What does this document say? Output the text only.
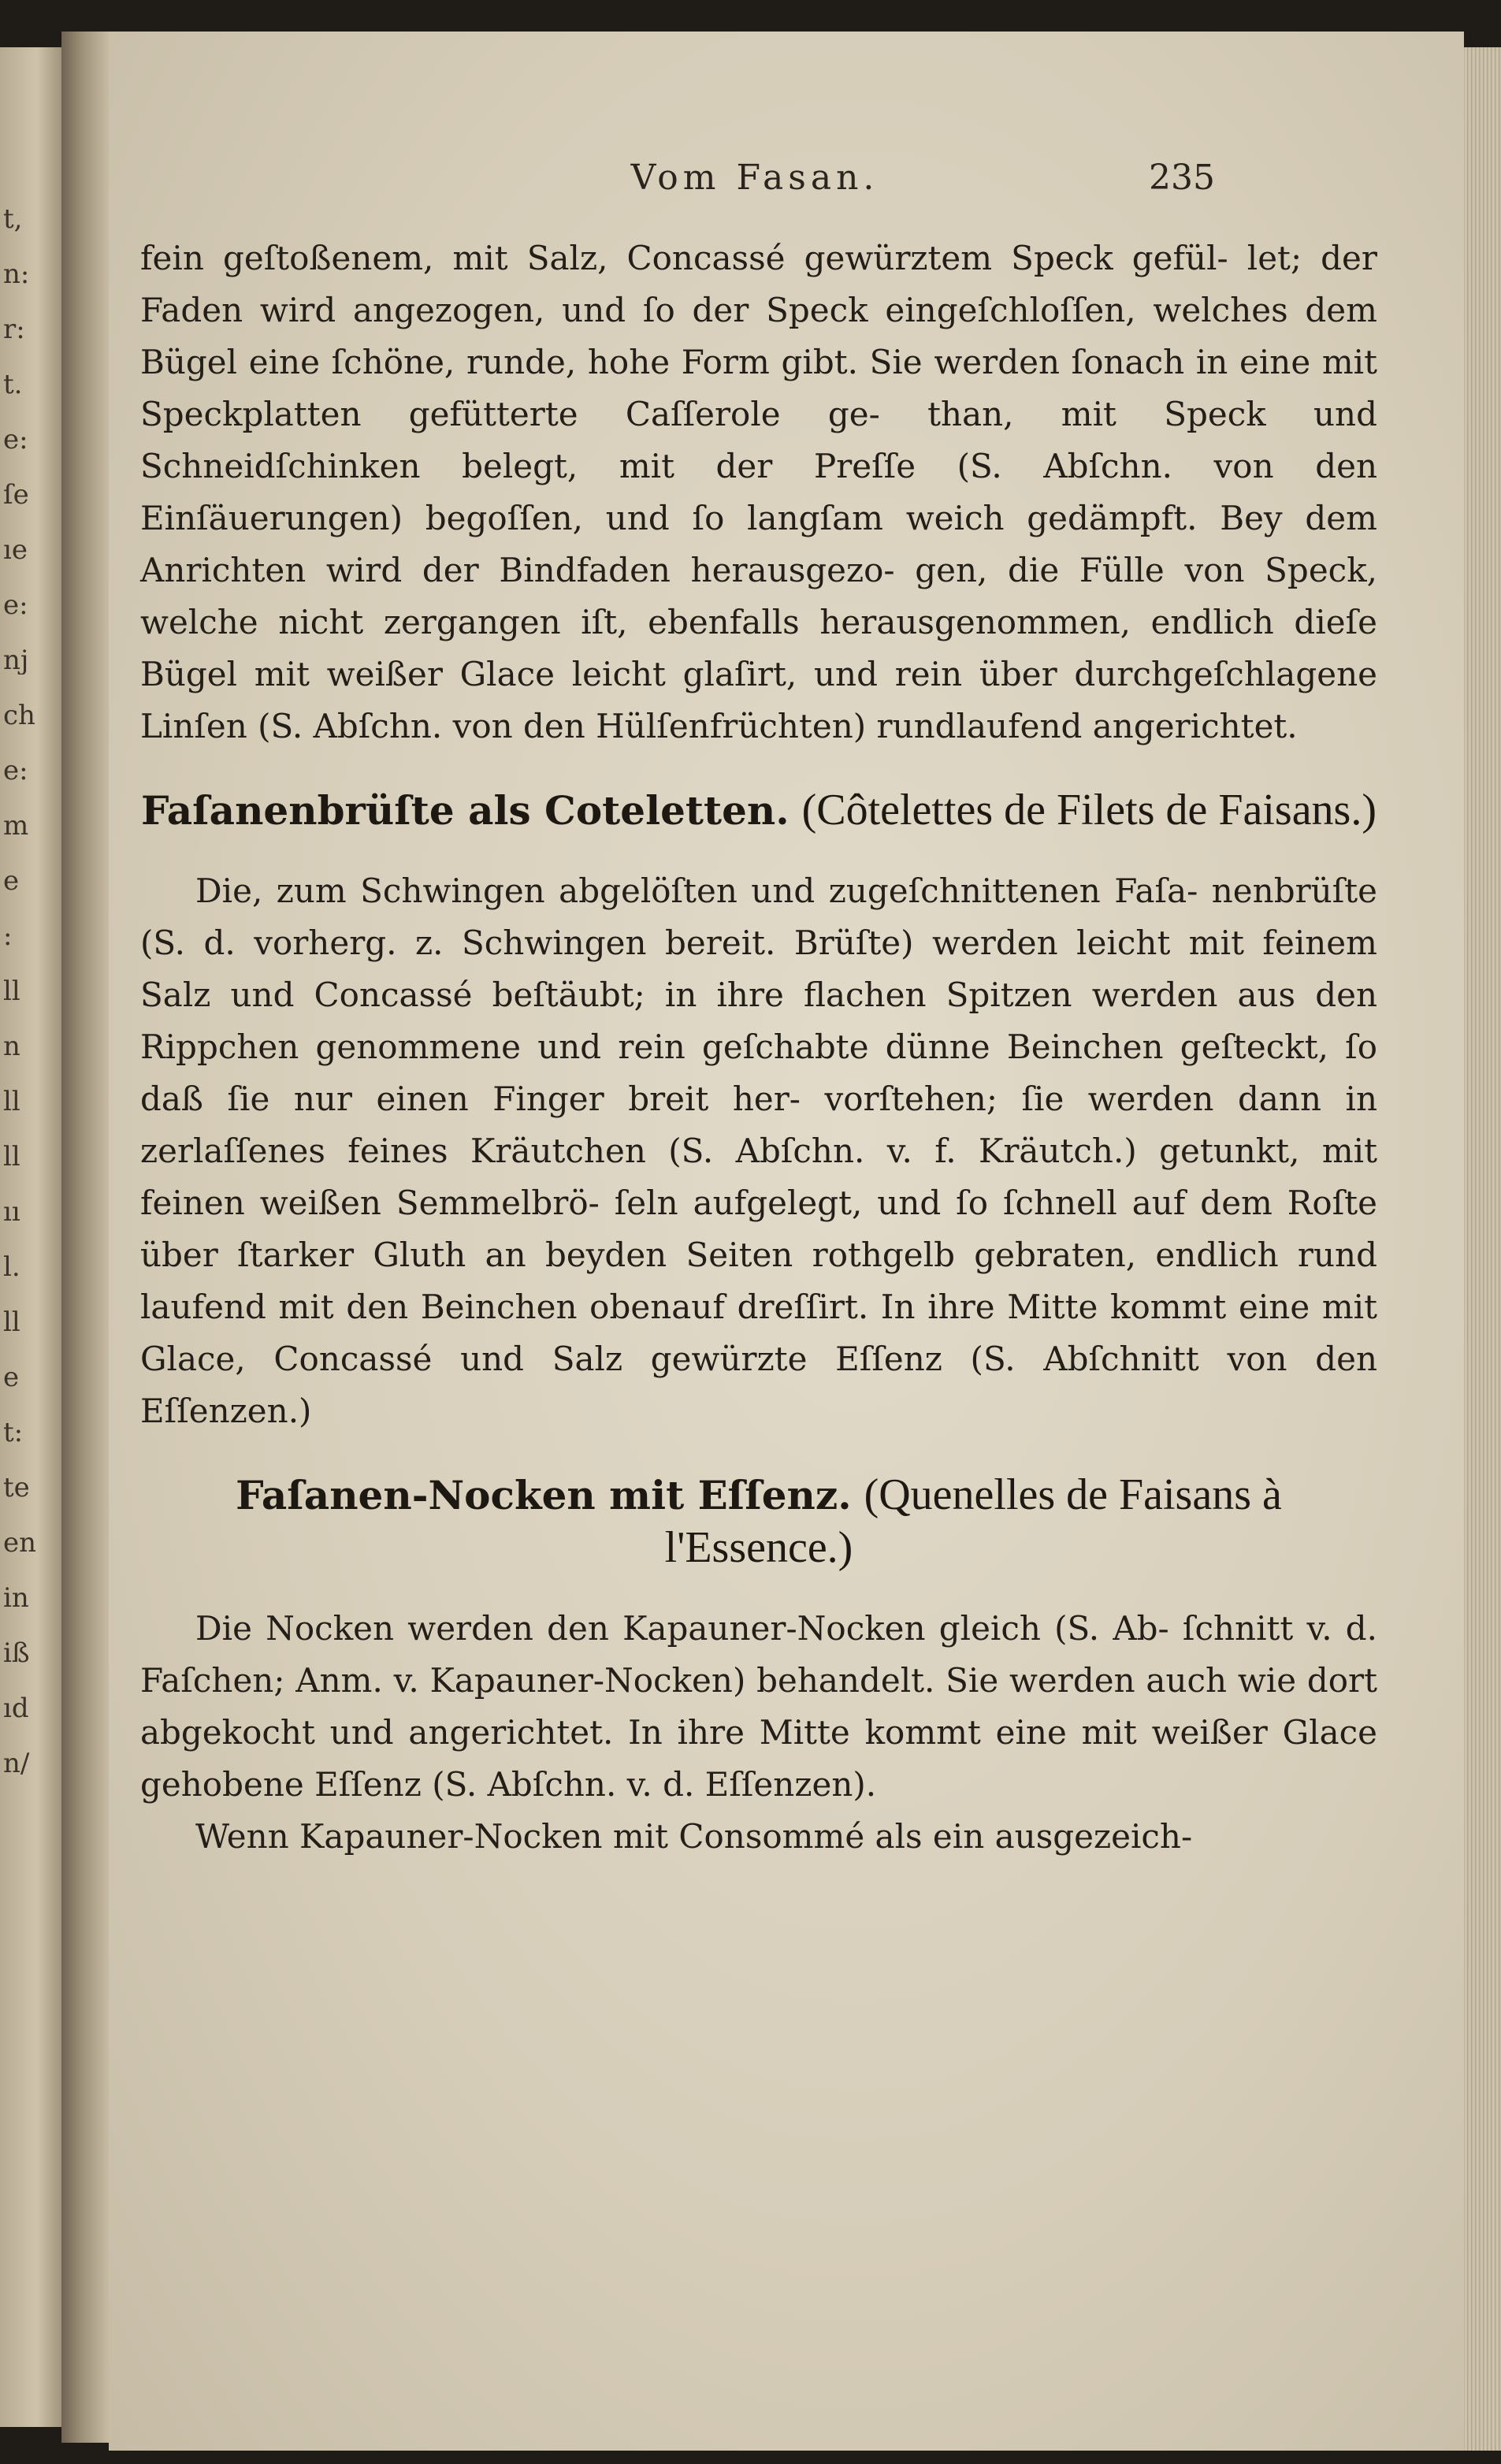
t,
n:
r:
t.
e:
ſe
ıe
e:
nj
ch
e:
m
e
:
ll
n
ll
ll
ıı
l.
ll
e
t:
te
en
in
iß
ıd
n/
Vom Fasan.	235

fein geſtoßenem, mit Salz, Concassé gewürztem Speck gefül- let; der Faden wird angezogen, und ſo der Speck eingeſchloſſen, welches dem Bügel eine ſchöne, runde, hohe Form gibt. Sie werden ſonach in eine mit Speckplatten gefütterte Caſſerole ge- than, mit Speck und Schneidſchinken belegt, mit der Preſſe (S. Abſchn. von den Einſäuerungen) begoſſen, und ſo langſam weich gedämpft. Bey dem Anrichten wird der Bindfaden herausgezo- gen, die Fülle von Speck, welche nicht zergangen iſt, ebenfalls herausgenommen, endlich dieſe Bügel mit weißer Glace leicht glaſirt, und rein über durchgeſchlagene Linſen (S. Abſchn. von den Hülſenfrüchten) rundlaufend angerichtet.

Faſanenbrüſte als Coteletten. (Côtelettes de Filets de Faisans.)

Die, zum Schwingen abgelöſten und zugeſchnittenen Faſa- nenbrüſte (S. d. vorherg. z. Schwingen bereit. Brüſte) werden leicht mit feinem Salz und Concassé beſtäubt; in ihre flachen Spitzen werden aus den Rippchen genommene und rein geſchabte dünne Beinchen geſteckt, ſo daß ſie nur einen Finger breit her- vorſtehen; ſie werden dann in zerlaſſenes feines Kräutchen (S. Abſchn. v. f. Kräutch.) getunkt, mit feinen weißen Semmelbrö- ſeln aufgelegt, und ſo ſchnell auf dem Roſte über ſtarker Gluth an beyden Seiten rothgelb gebraten, endlich rund laufend mit den Beinchen obenauf dreſſirt. In ihre Mitte kommt eine mit Glace, Concassé und Salz gewürzte Eſſenz (S. Abſchnitt von den Eſſenzen.)

Faſanen-Nocken mit Eſſenz. (Quenelles de Faisans à l'Essence.)

Die Nocken werden den Kapauner-Nocken gleich (S. Ab- ſchnitt v. d. Faſchen; Anm. v. Kapauner-Nocken) behandelt. Sie werden auch wie dort abgekocht und angerichtet. In ihre Mitte kommt eine mit weißer Glace gehobene Eſſenz (S. Abſchn. v. d. Eſſenzen).

Wenn Kapauner-Nocken mit Consommé als ein ausgezeich-
